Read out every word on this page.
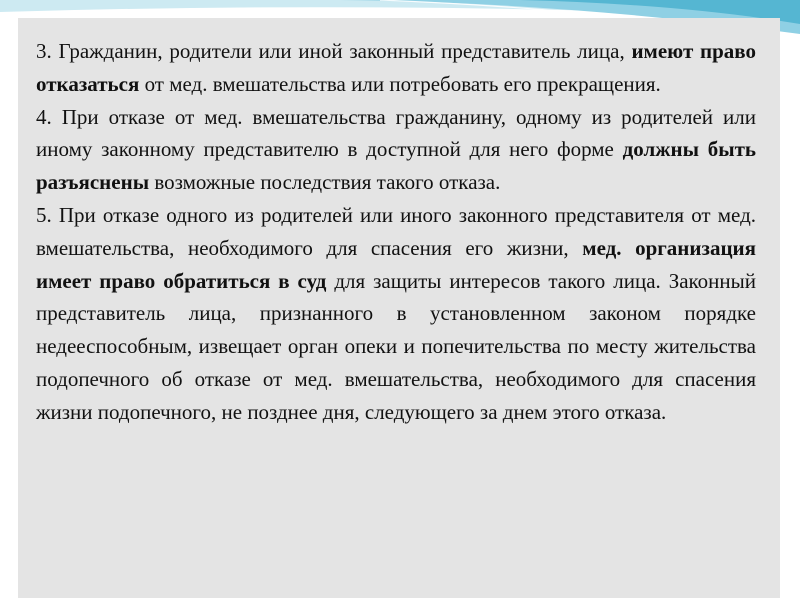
3. Гражданин, родители или иной законный представитель лица, имеют право отказаться от мед. вмешательства или потребовать его прекращения.

4. При отказе от мед. вмешательства гражданину, одному из родителей или иному законному представителю в доступной для него форме должны быть разъяснены возможные последствия такого отказа.

5. При отказе одного из родителей или иного законного представителя от мед. вмешательства, необходимого для спасения его жизни, мед. организация имеет право обратиться в суд для защиты интересов такого лица. Законный представитель лица, признанного в установленном законом порядке недееспособным, извещает орган опеки и попечительства по месту жительства подопечного об отказе от мед. вмешательства, необходимого для спасения жизни подопечного, не позднее дня, следующего за днем этого отказа.
